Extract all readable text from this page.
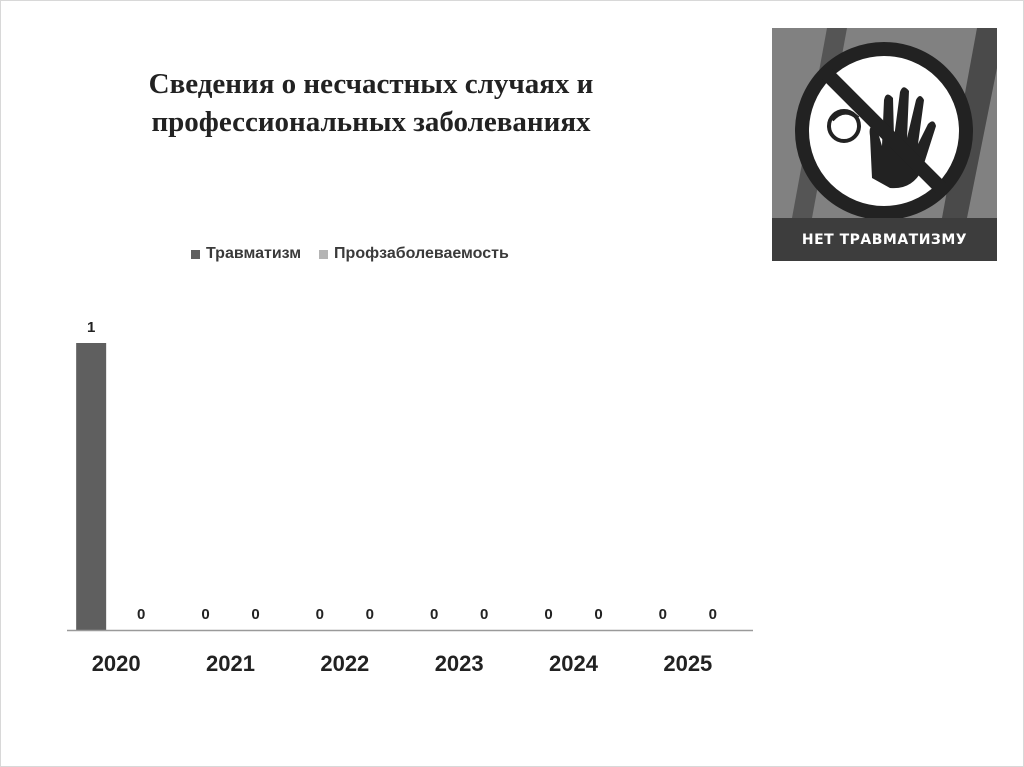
Сведения о несчастных случаях и
профессиональных заболеваниях
НЕТ ТРАВМАТИЗМУ
Травматизм Профзаболеваемость
1
0
2020
0	0
2021
0	0
2022
0	0
2023
0	0
2024
0	0
2025
